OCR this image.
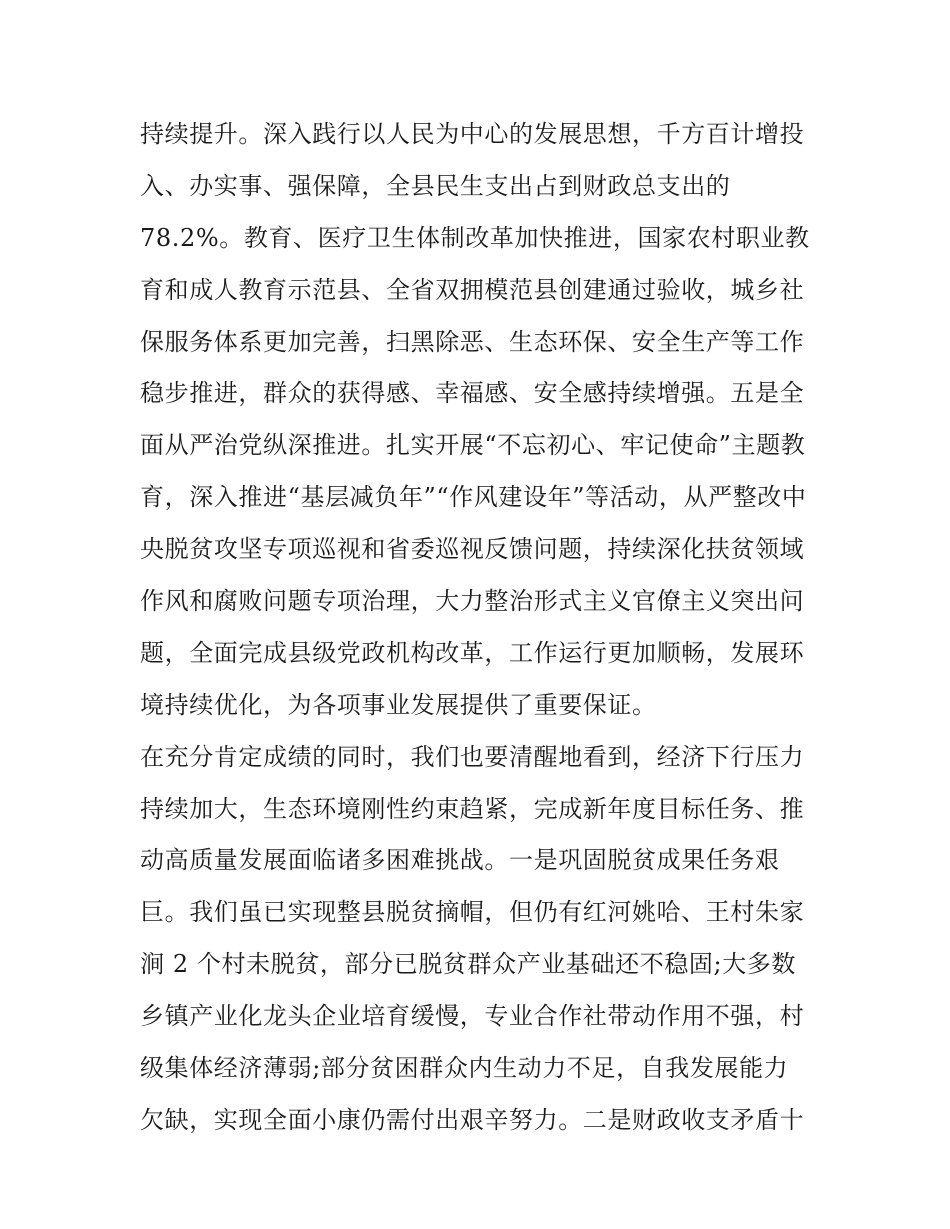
持续提升。深入践行以人民为中心的发展思想，千方百计增投
入、办实事、强保障，全县民生支出占到财政总支出的
78.2%。教育、医疗卫生体制改革加快推进，国家农村职业教
育和成人教育示范县、全省双拥模范县创建通过验收，城乡社
保服务体系更加完善，扫黑除恶、生态环保、安全生产等工作
稳步推进，群众的获得感、幸福感、安全感持续增强。五是全
面从严治党纵深推进。扎实开展“不忘初心、牢记使命”主题教
育，深入推进“基层减负年”“作风建设年”等活动，从严整改中
央脱贫攻坚专项巡视和省委巡视反馈问题，持续深化扶贫领域
作风和腐败问题专项治理，大力整治形式主义官僚主义突出问
题，全面完成县级党政机构改革，工作运行更加顺畅，发展环
境持续优化，为各项事业发展提供了重要保证。
在充分肯定成绩的同时，我们也要清醒地看到，经济下行压力
持续加大，生态环境刚性约束趋紧，完成新年度目标任务、推
动高质量发展面临诸多困难挑战。一是巩固脱贫成果任务艰
巨。我们虽已实现整县脱贫摘帽，但仍有红河姚哈、王村朱家
涧 2 个村未脱贫，部分已脱贫群众产业基础还不稳固;大多数
乡镇产业化龙头企业培育缓慢，专业合作社带动作用不强，村
级集体经济薄弱;部分贫困群众内生动力不足，自我发展能力
欠缺，实现全面小康仍需付出艰辛努力。二是财政收支矛盾十
